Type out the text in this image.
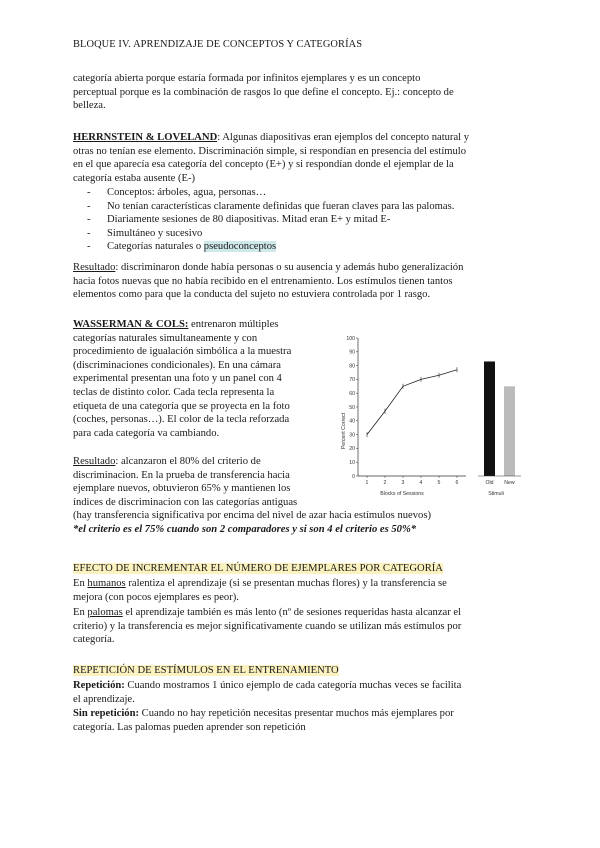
BLOQUE IV. APRENDIZAJE DE CONCEPTOS Y CATEGORÍAS

categoría abierta porque estaría formada por infinitos ejemplares y es un concepto

perceptual porque es la combinación de rasgos lo que define el concepto. Ej.: concepto de

belleza.

HERRNSTEIN & LOVELAND: Algunas diapositivas eran ejemplos del concepto natural y

otras no tenían ese elemento. Discriminación simple, si respondían en presencia del estímulo

en el que aparecía esa categoría del concepto (E+) y si respondían donde el ejemplar de la

categoría estaba ausente (E-)

- Conceptos: árboles, agua, personas…
- No tenían características claramente definidas que fueran claves para las palomas.
- Diariamente sesiones de 80 diapositivas. Mitad eran E+ y mitad E-
- Simultáneo y sucesivo
- Categorías naturales o pseudoconceptos

Resultado: discriminaron donde había personas o su ausencia y además hubo generalización

hacia fotos nuevas que no había recibido en el entrenamiento. Los estímulos tienen tantos

elementos como para que la conducta del sujeto no estuviera controlada por 1 rasgo.

WASSERMAN & COLS: entrenaron múltiples

categorías naturales simultaneamente y con

procedimiento de igualación simbólica a la muestra

(discriminaciones condicionales). En una cámara

experimental presentan una foto y un panel con 4

teclas de distinto color. Cada tecla representa la

etiqueta de una categoría que se proyecta en la foto

(coches, personas…). El color de la tecla reforzada

para cada categoría va cambiando.

Resultado: alcanzaron el 80% del criterio de

discriminacion. En la prueba de transferencia hacia

ejemplare nuevos, obtuvieron 65% y mantienen los

índices de discriminacion con las categorías antiguas

(hay transferencia significativa por encima del nivel de azar hacia estímulos nuevos)

*el criterio es el 75% cuando son 2 comparadores y si son 4 el criterio es 50%*

EFECTO DE INCREMENTAR EL NÚMERO DE EJEMPLARES POR CATEGORÍA

En humanos ralentiza el aprendizaje (si se presentan muchas flores) y la transferencia se

mejora (con pocos ejemplares es peor).

En palomas el aprendizaje también es más lento (nº de sesiones requeridas hasta alcanzar el

criterio) y la transferencia es mejor significativamente cuando se utilizan más estímulos por

categoría.

REPETICIÓN DE ESTÍMULOS EN EL ENTRENAMIENTO

Repetición: Cuando mostramos 1 único ejemplo de cada categoría muchas veces se facilita

el aprendizaje.

Sin repetición: Cuando no hay repetición necesitas presentar muchos más ejemplares por

categoría. Las palomas pueden aprender son repetición

0
10
20
30
40
50
60
70
80
90
100
1	2	3	4	5	6	Old New
Percent Correct
Blocks of Sessions	Stimuli
